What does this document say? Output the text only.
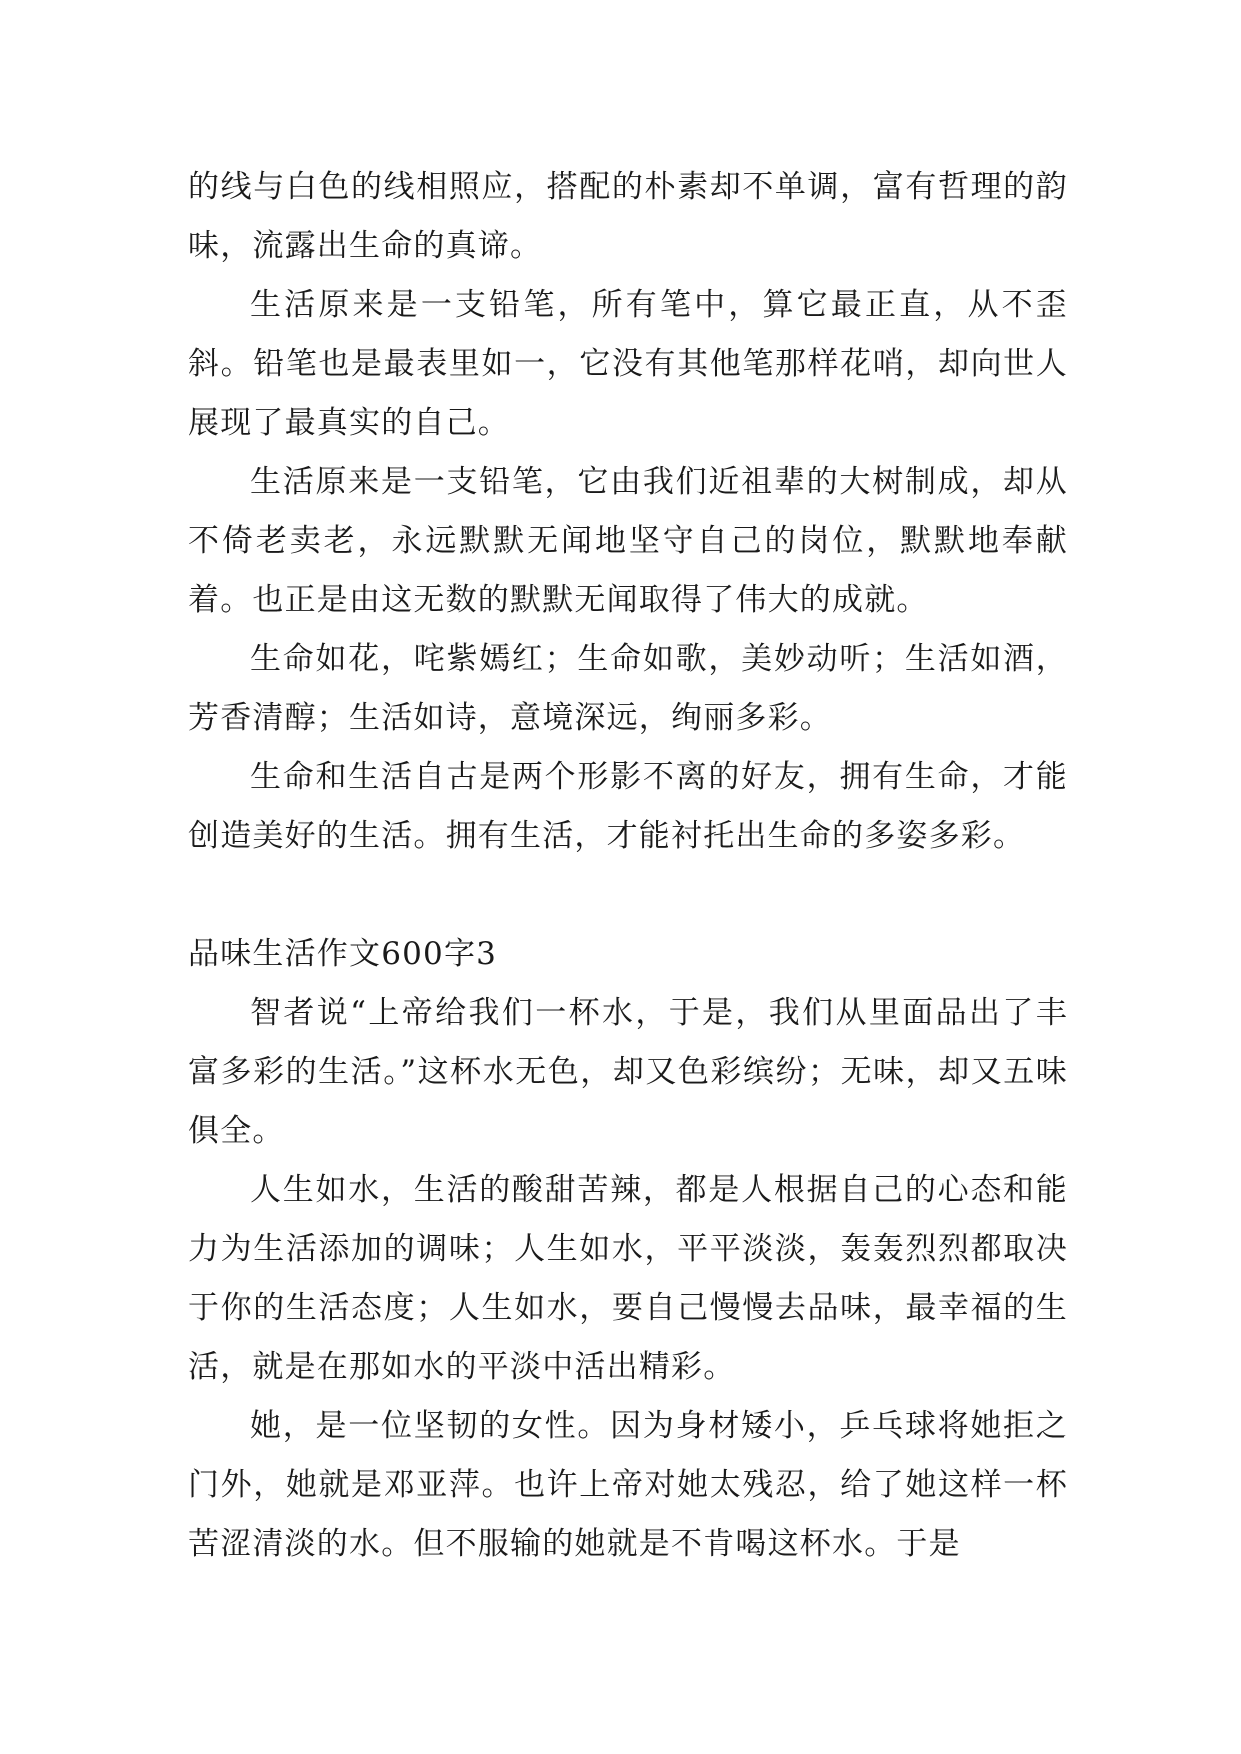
的线与白色的线相照应，搭配的朴素却不单调，富有哲理的韵味，流露出生命的真谛。

生活原来是一支铅笔，所有笔中，算它最正直，从不歪斜。铅笔也是最表里如一，它没有其他笔那样花哨，却向世人展现了最真实的自己。

生活原来是一支铅笔，它由我们近祖辈的大树制成，却从不倚老卖老，永远默默无闻地坚守自己的岗位，默默地奉献着。也正是由这无数的默默无闻取得了伟大的成就。

生命如花，咤紫嫣红；生命如歌，美妙动听；生活如酒，芳香清醇；生活如诗，意境深远，绚丽多彩。

生命和生活自古是两个形影不离的好友，拥有生命，才能创造美好的生活。拥有生活，才能衬托出生命的多姿多彩。

品味生活作文600字3

智者说“上帝给我们一杯水，于是，我们从里面品出了丰富多彩的生活。”这杯水无色，却又色彩缤纷；无味，却又五味俱全。

人生如水，生活的酸甜苦辣，都是人根据自己的心态和能力为生活添加的调味；人生如水，平平淡淡，轰轰烈烈都取决于你的生活态度；人生如水，要自己慢慢去品味，最幸福的生活，就是在那如水的平淡中活出精彩。

她，是一位坚韧的女性。因为身材矮小，乒乓球将她拒之门外，她就是邓亚萍。也许上帝对她太残忍，给了她这样一杯苦涩清淡的水。但不服输的她就是不肯喝这杯水。于是
